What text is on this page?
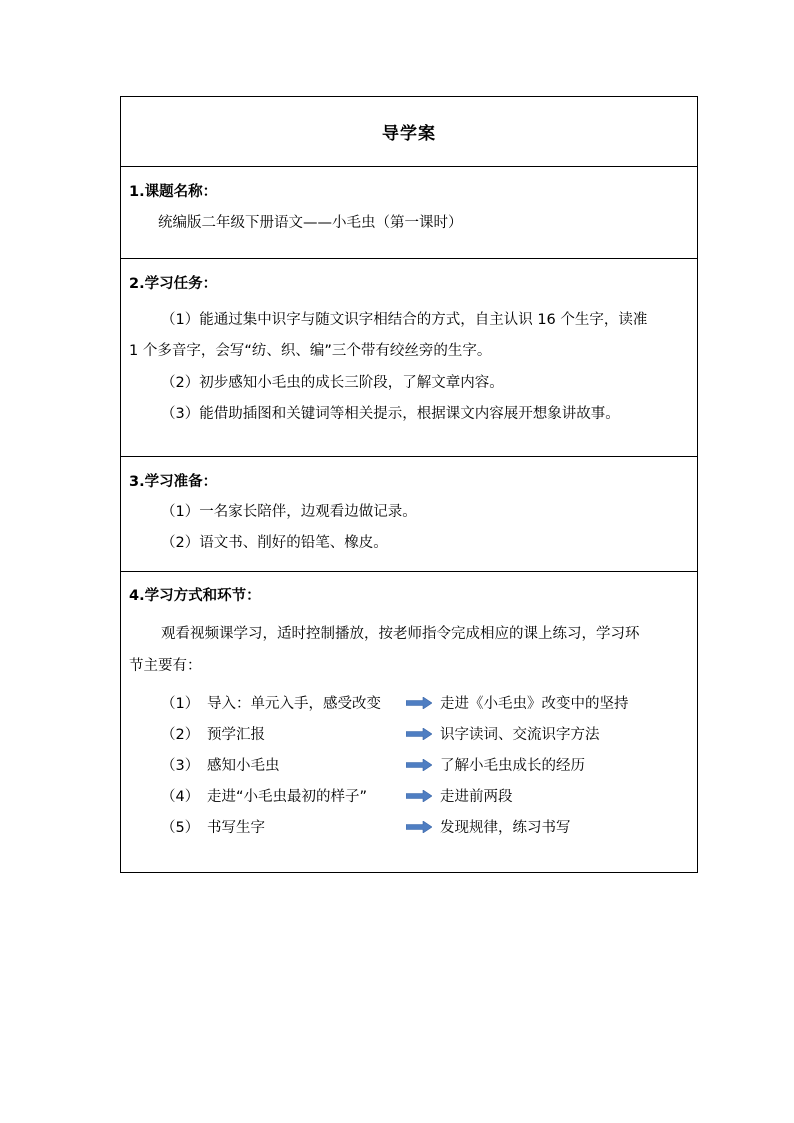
导学案
1.课题名称：
统编版二年级下册语文——小毛虫（第一课时）
2.学习任务：
（1）能通过集中识字与随文识字相结合的方式，自主认识 16 个生字，读准
1 个多音字，会写“纺、织、编”三个带有绞丝旁的生字。
（2）初步感知小毛虫的成长三阶段，了解文章内容。
（3）能借助插图和关键词等相关提示，根据课文内容展开想象讲故事。
3.学习准备：
（1）一名家长陪伴，边观看边做记录。
（2）语文书、削好的铅笔、橡皮。
4.学习方式和环节：
观看视频课学习，适时控制播放，按老师指令完成相应的课上练习，学习环
节主要有：
（1） 导入：单元入手，感受改变	走进《小毛虫》改变中的坚持
（2） 预学汇报	识字读词、交流识字方法
（3） 感知小毛虫	了解小毛虫成长的经历
（4） 走进“小毛虫最初的样子”	走进前两段
（5） 书写生字	发现规律，练习书写
